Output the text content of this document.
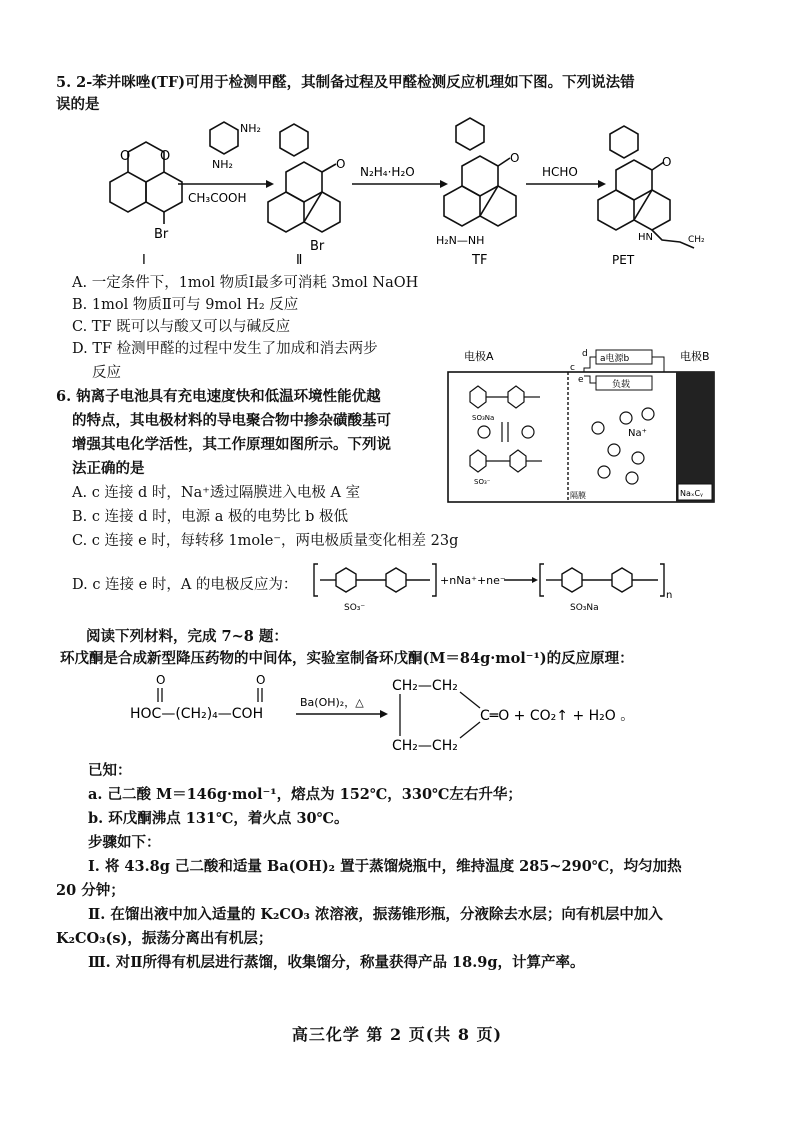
5. 2-苯并咪唑(TF)可用于检测甲醛，其制备过程及甲醛检测反应机理如下图。下列说法错
误的是
O O
Br
I
NH₂
NH₂
CH₃COOH
O
Br
Ⅱ
N₂H₄·H₂O
O
H₂N—NH
TF
HCHO
O
HN	CH₂
PET
A. 一定条件下，1mol 物质Ⅰ最多可消耗 3mol NaOH
B. 1mol 物质Ⅱ可与 9mol H₂ 反应
C. TF 既可以与酸又可以与碱反应
D. TF 检测甲醛的过程中发生了加成和消去两步
反应
6. 钠离子电池具有充电速度快和低温环境性能优越
的特点，其电极材料的导电聚合物中掺杂磺酸基可
增强其电化学活性，其工作原理如图所示。下列说
法正确的是
A. c 连接 d 时，Na⁺透过隔膜进入电极 A 室
B. c 连接 d 时，电源 a 极的电势比 b 极低
C. c 连接 e 时，每转移 1mole⁻，两电极质量变化相差 23g
电极A	电极B
NaₓCᵧ
a电源b
负载
d
e
c
SO₃Na
SO₃⁻
Na⁺
隔膜
D. c 连接 e 时，A 的电极反应为：
SO₃⁻
+nNa⁺+ne⁻
SO₃Na
n
阅读下列材料，完成 7~8 题：
环戊酮是合成新型降压药物的中间体，实验室制备环戊酮(M＝84g·mol⁻¹)的反应原理：
O	O
HOC—(CH₂)₄—COH
Ba(OH)₂，△
CH₂—CH₂
CH₂—CH₂
C═O + CO₂↑ + H₂O 。
已知：
a. 己二酸 M＝146g·mol⁻¹，熔点为 152℃，330℃左右升华；
b. 环戊酮沸点 131℃，着火点 30℃。
步骤如下：
Ⅰ. 将 43.8g 己二酸和适量 Ba(OH)₂ 置于蒸馏烧瓶中，维持温度 285~290℃，均匀加热
20 分钟；
Ⅱ. 在馏出液中加入适量的 K₂CO₃ 浓溶液，振荡锥形瓶，分液除去水层；向有机层中加入
K₂CO₃(s)，振荡分离出有机层；
Ⅲ. 对Ⅱ所得有机层进行蒸馏，收集馏分，称量获得产品 18.9g，计算产率。
高三化学 第 2 页(共 8 页)
